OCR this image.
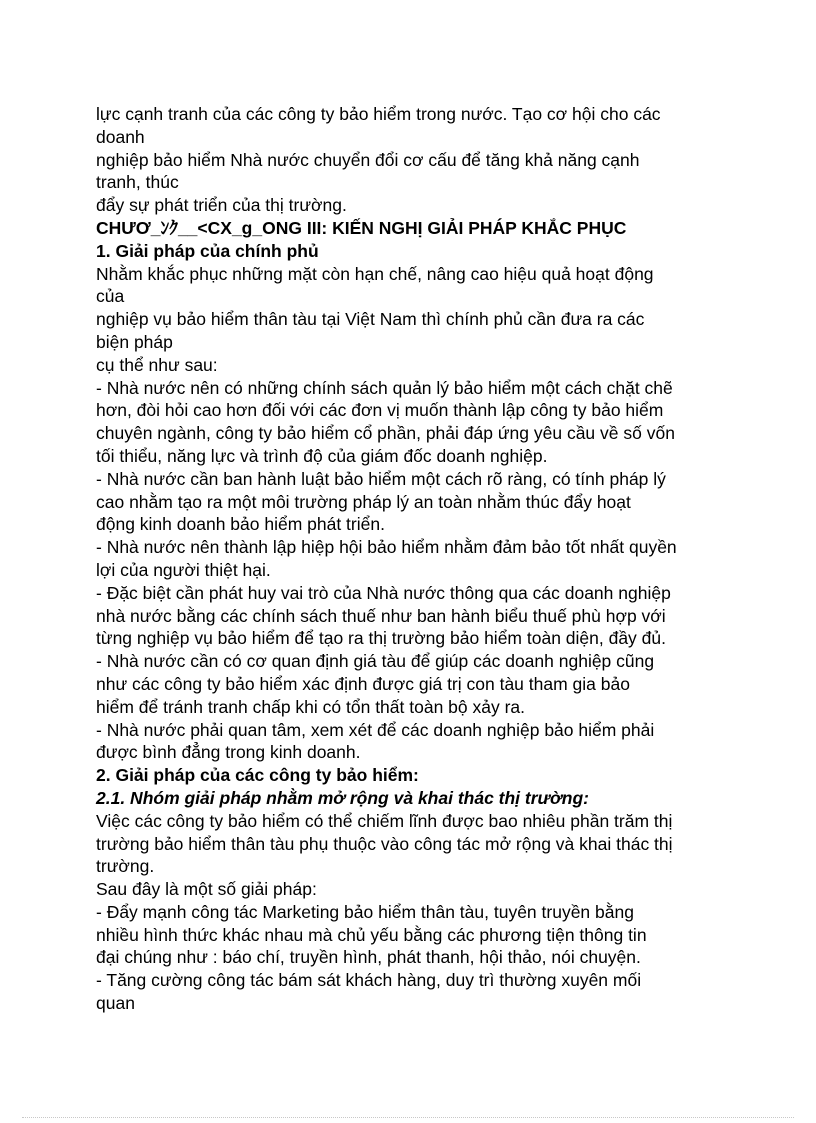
lực cạnh tranh của các công ty bảo hiểm trong nước. Tạo cơ hội cho các
doanh
nghiệp bảo hiểm Nhà nước chuyển đổi cơ cấu để tăng khả năng cạnh
tranh, thúc
đẩy sự phát triển của thị trường.
CHƯƠ_ﾝｸ__<CX_g_ONG III: KIẾN NGHỊ GIẢI PHÁP KHẮC PHỤC
1. Giải pháp của chính phủ
Nhằm khắc phục những mặt còn hạn chế, nâng cao hiệu quả hoạt động
của
nghiệp vụ bảo hiểm thân tàu tại Việt Nam thì chính phủ cần đưa ra các
biện pháp
cụ thể như sau:
- Nhà nước nên có những chính sách quản lý bảo hiểm một cách chặt chẽ
hơn, đòi hỏi cao hơn đối với các đơn vị muốn thành lập công ty bảo hiểm
chuyên ngành, công ty bảo hiểm cổ phần, phải đáp ứng yêu cầu về số vốn
tối thiểu, năng lực và trình độ của giám đốc doanh nghiệp.
- Nhà nước cần ban hành luật bảo hiểm một cách rõ ràng, có tính pháp lý
cao nhằm tạo ra một môi trường pháp lý an toàn nhằm thúc đẩy hoạt
động kinh doanh bảo hiểm phát triển.
- Nhà nước nên thành lập hiệp hội bảo hiểm nhằm đảm bảo tốt nhất quyền
lợi của người thiệt hại.
- Đặc biệt cần phát huy vai trò của Nhà nước thông qua các doanh nghiệp
nhà nước bằng các chính sách thuế như ban hành biểu thuế phù hợp với
từng nghiệp vụ bảo hiểm để tạo ra thị trường bảo hiểm toàn diện, đầy đủ.
- Nhà nước cần có cơ quan định giá tàu để giúp các doanh nghiệp cũng
như các công ty bảo hiểm xác định được giá trị con tàu tham gia bảo
hiểm để tránh tranh chấp khi có tổn thất toàn bộ xảy ra.
- Nhà nước phải quan tâm, xem xét để các doanh nghiệp bảo hiểm phải
được bình đẳng trong kinh doanh.
2. Giải pháp của các công ty bảo hiểm:
2.1. Nhóm giải pháp nhằm mở rộng và khai thác thị trường:
Việc các công ty bảo hiểm có thể chiếm lĩnh được bao nhiêu phần trăm thị
trường bảo hiểm thân tàu phụ thuộc vào công tác mở rộng và khai thác thị
trường.
Sau đây là một số giải pháp:
- Đẩy mạnh công tác Marketing bảo hiểm thân tàu, tuyên truyền bằng
nhiều hình thức khác nhau mà chủ yếu bằng các phương tiện thông tin
đại chúng như : báo chí, truyền hình, phát thanh, hội thảo, nói chuyện.
- Tăng cường công tác bám sát khách hàng, duy trì thường xuyên mối
quan
